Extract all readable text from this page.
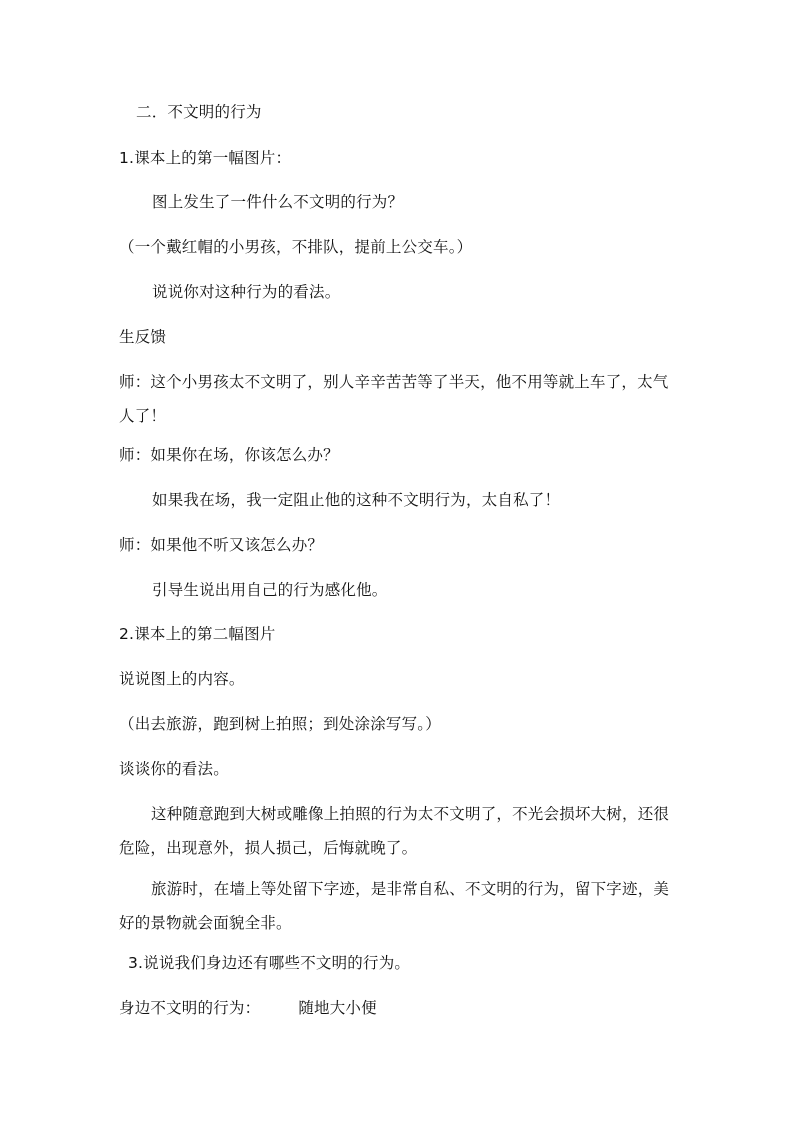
二．不文明的行为
1.课本上的第一幅图片：
图上发生了一件什么不文明的行为？
（一个戴红帽的小男孩，不排队，提前上公交车。）
说说你对这种行为的看法。
生反馈
师：这个小男孩太不文明了，别人辛辛苦苦等了半天，他不用等就上车了，太气人了！
师：如果你在场，你该怎么办？
如果我在场，我一定阻止他的这种不文明行为，太自私了！
师：如果他不听又该怎么办？
引导生说出用自己的行为感化他。
2.课本上的第二幅图片
说说图上的内容。
（出去旅游，跑到树上拍照；到处涂涂写写。）
谈谈你的看法。
这种随意跑到大树或雕像上拍照的行为太不文明了，不光会损坏大树，还很危险，出现意外，损人损己，后悔就晚了。
旅游时，在墙上等处留下字迹，是非常自私、不文明的行为，留下字迹，美好的景物就会面貌全非。
3.说说我们身边还有哪些不文明的行为。
身边不文明的行为： 随地大小便
